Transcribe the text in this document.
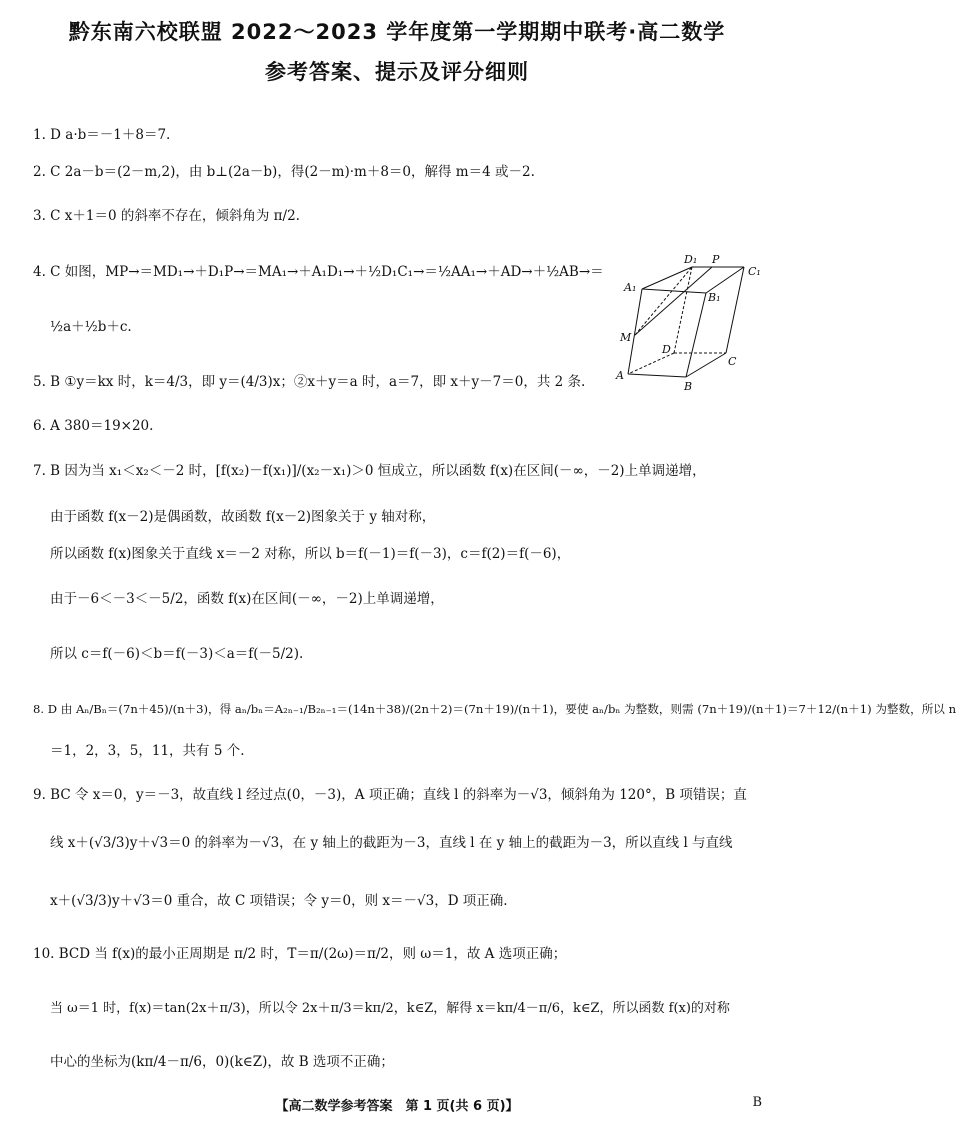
黔东南六校联盟 2022～2023 学年度第一学期期中联考·高二数学
参考答案、提示及评分细则
1. D a·b＝－1＋8＝7.
2. C 2a－b＝(2－m,2)，由 b⊥(2a－b)，得(2－m)·m＋8＝0，解得 m＝4 或－2.
3. C x＋1＝0 的斜率不存在，倾斜角为 π/2.
4. C 如图，MP→＝MD₁→＋D₁P→＝MA₁→＋A₁D₁→＋½D₁C₁→＝½AA₁→＋AD→＋½AB→＝
½a＋½b＋c.
5. B ①y＝kx 时，k＝4/3，即 y＝(4/3)x；②x＋y＝a 时，a＝7，即 x＋y－7＝0，共 2 条.
6. A 380＝19×20.
7. B 因为当 x₁＜x₂＜－2 时，[f(x₂)－f(x₁)]/(x₂－x₁)＞0 恒成立，所以函数 f(x)在区间(－∞，－2)上单调递增，
由于函数 f(x－2)是偶函数，故函数 f(x－2)图象关于 y 轴对称，
所以函数 f(x)图象关于直线 x＝－2 对称，所以 b＝f(－1)＝f(－3)，c＝f(2)＝f(－6)，
由于－6＜－3＜－5/2，函数 f(x)在区间(－∞，－2)上单调递增，
所以 c＝f(－6)＜b＝f(－3)＜a＝f(－5/2).
8. D 由 Aₙ/Bₙ＝(7n＋45)/(n＋3)，得 aₙ/bₙ＝A₂ₙ₋₁/B₂ₙ₋₁＝(14n＋38)/(2n＋2)＝(7n＋19)/(n＋1)，要使 aₙ/bₙ 为整数，则需 (7n＋19)/(n＋1)＝7＋12/(n＋1) 为整数，所以 n
＝1，2，3，5，11，共有 5 个.
9. BC 令 x＝0，y＝－3，故直线 l 经过点(0，－3)，A 项正确；直线 l 的斜率为－√3，倾斜角为 120°，B 项错误；直
线 x＋(√3/3)y＋√3＝0 的斜率为－√3，在 y 轴上的截距为－3，直线 l 在 y 轴上的截距为－3，所以直线 l 与直线
x＋(√3/3)y＋√3＝0 重合，故 C 项错误；令 y＝0，则 x＝－√3，D 项正确.
10. BCD 当 f(x)的最小正周期是 π/2 时，T＝π/(2ω)＝π/2，则 ω＝1，故 A 选项正确；
当 ω＝1 时，f(x)＝tan(2x＋π/3)，所以令 2x＋π/3＝kπ/2，k∈Z，解得 x＝kπ/4－π/6，k∈Z，所以函数 f(x)的对称
中心的坐标为(kπ/4－π/6，0)(k∈Z)，故 B 选项不正确；
D₁ P
C₁
A₁
B₁
M
D
C
A
B
【高二数学参考答案　第 1 页(共 6 页)】	B
